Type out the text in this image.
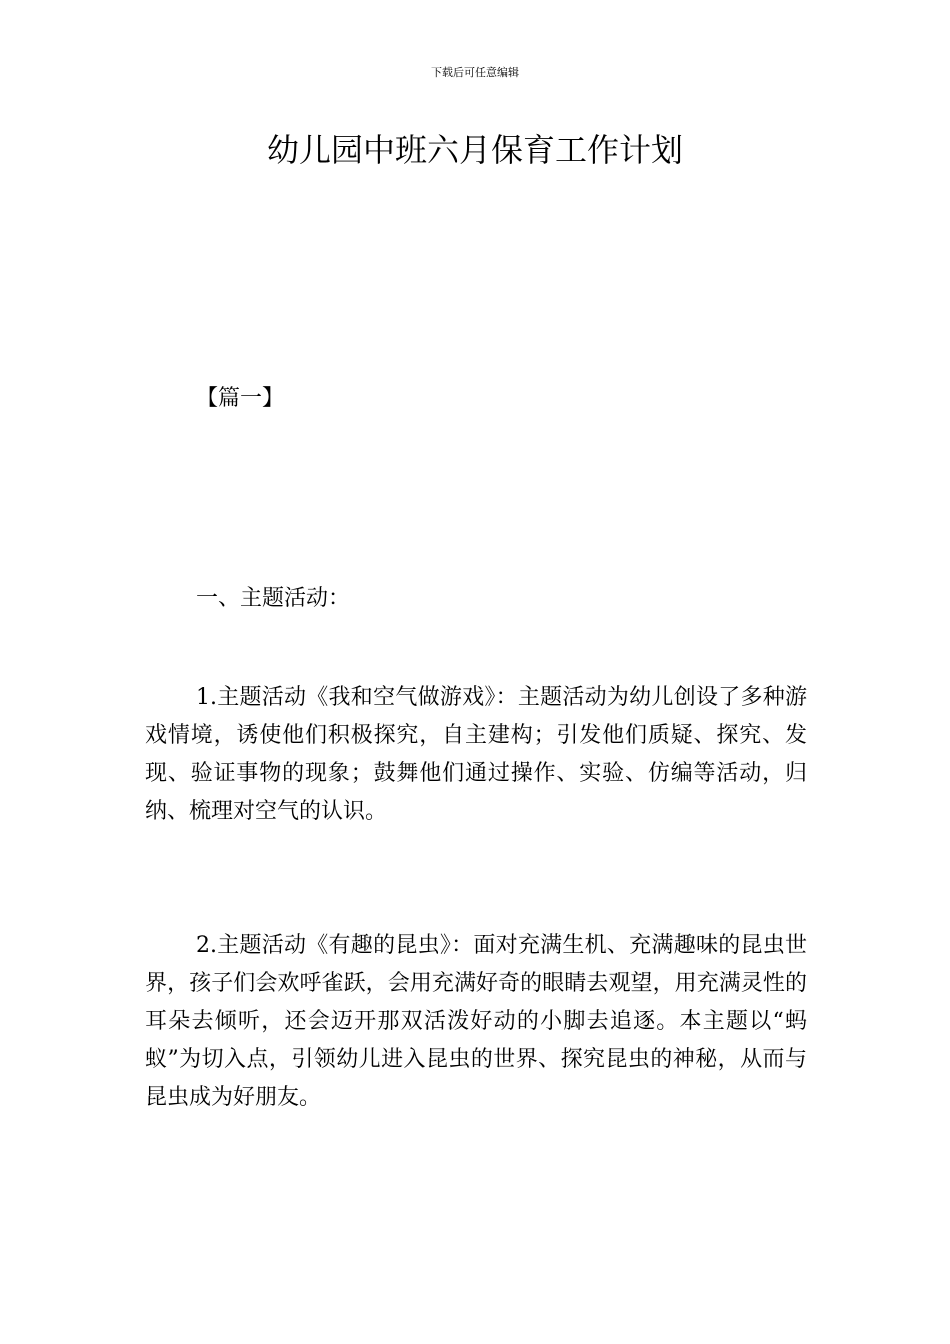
下载后可任意编辑
幼儿园中班六月保育工作计划
【篇一】
一、主题活动：

1.主题活动《我和空气做游戏》：主题活动为幼儿创设了多种游戏情境，诱使他们积极探究，自主建构；引发他们质疑、探究、发现、验证事物的现象；鼓舞他们通过操作、实验、仿编等活动，归纳、梳理对空气的认识。

2.主题活动《有趣的昆虫》：面对充满生机、充满趣味的昆虫世界，孩子们会欢呼雀跃，会用充满好奇的眼睛去观望，用充满灵性的耳朵去倾听，还会迈开那双活泼好动的小脚去追逐。本主题以“蚂蚁”为切入点，引领幼儿进入昆虫的世界、探究昆虫的神秘，从而与昆虫成为好朋友。
